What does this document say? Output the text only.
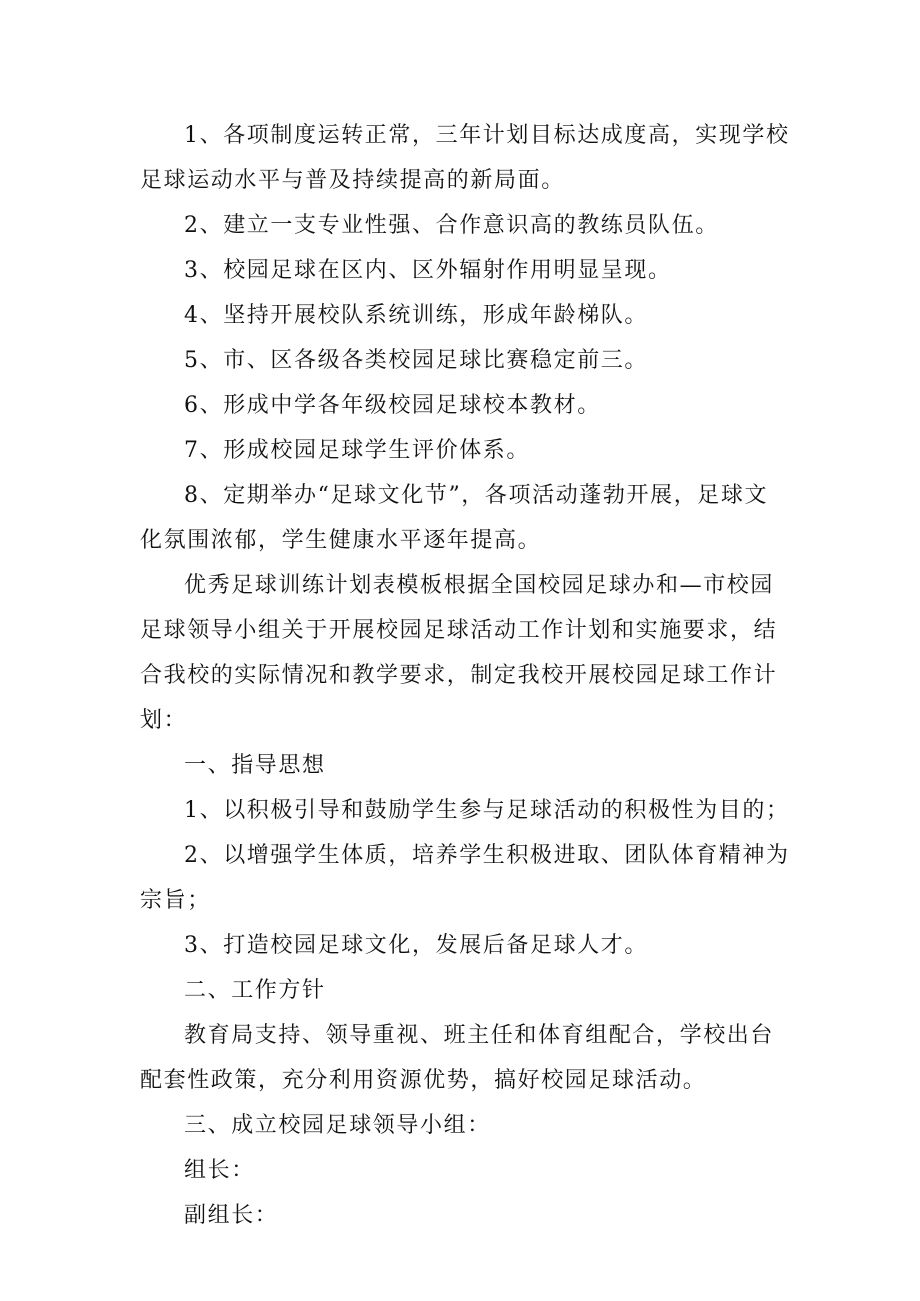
1、各项制度运转正常，三年计划目标达成度高，实现学校足球运动水平与普及持续提高的新局面。

2、建立一支专业性强、合作意识高的教练员队伍。

3、校园足球在区内、区外辐射作用明显呈现。

4、坚持开展校队系统训练，形成年龄梯队。

5、市、区各级各类校园足球比赛稳定前三。

6、形成中学各年级校园足球校本教材。

7、形成校园足球学生评价体系。

8、定期举办“足球文化节”，各项活动蓬勃开展，足球文化氛围浓郁，学生健康水平逐年提高。

优秀足球训练计划表模板根据全国校园足球办和—市校园足球领导小组关于开展校园足球活动工作计划和实施要求，结合我校的实际情况和教学要求，制定我校开展校园足球工作计划：

一、指导思想

1、以积极引导和鼓励学生参与足球活动的积极性为目的；

2、以增强学生体质，培养学生积极进取、团队体育精神为宗旨；

3、打造校园足球文化，发展后备足球人才。

二、工作方针

教育局支持、领导重视、班主任和体育组配合，学校出台配套性政策，充分利用资源优势，搞好校园足球活动。

三、成立校园足球领导小组：

组长：

副组长：
